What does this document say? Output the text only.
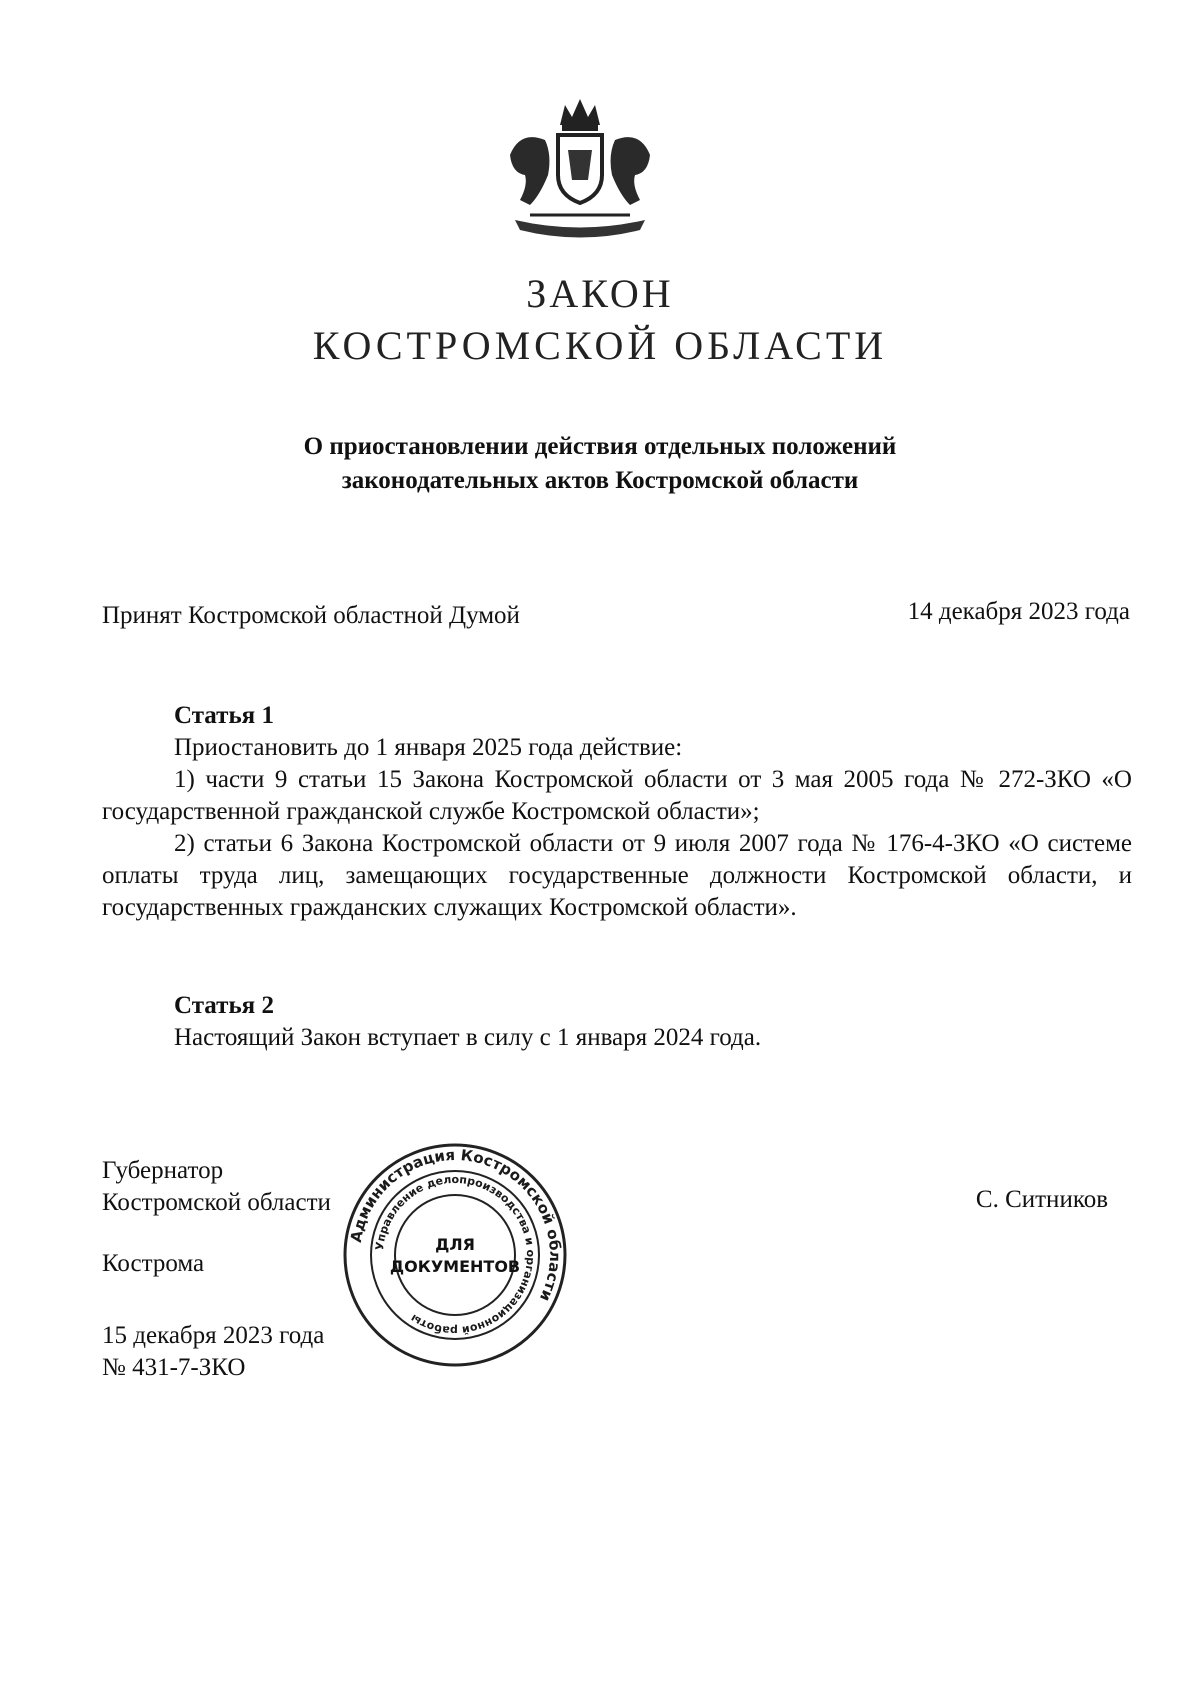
ЗАКОН
КОСТРОМСКОЙ ОБЛАСТИ
О приостановлении действия отдельных положений
законодательных актов Костромской области
Принят Костромской областной Думой	14 декабря 2023 года

Статья 1

Приостановить до 1 января 2025 года действие:

1) части 9 статьи 15 Закона Костромской области от 3 мая 2005 года № 272-ЗКО «О государственной гражданской службе Костромской области»;

2) статьи 6 Закона Костромской области от 9 июля 2007 года № 176-4-ЗКО «О системе оплаты труда лиц, замещающих государственные должности Костромской области, и государственных гражданских служащих Костромской области».

Статья 2

Настоящий Закон вступает в силу с 1 января 2024 года.

Губернатор
Костромской области	С. Ситников
Кострома
15 декабря 2023 года
№ 431-7-ЗКО
Администрация Костромской области
Управление делопроизводства и организационной работы
ДЛЯ
ДОКУМЕНТОВ
